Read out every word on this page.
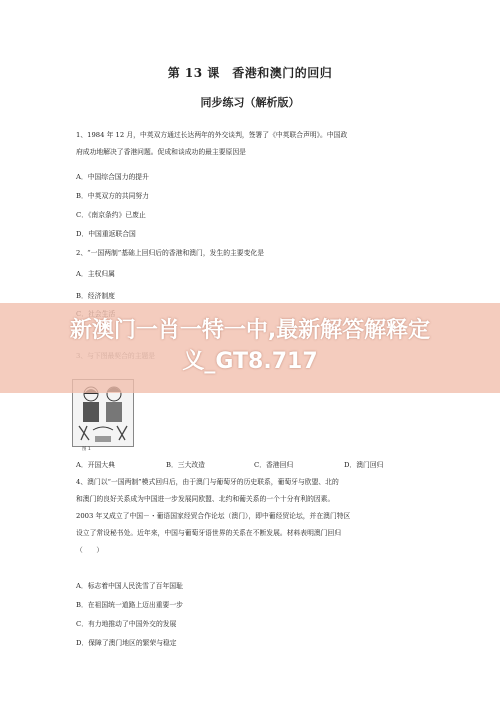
第 13 课　香港和澳门的回归
同步练习（解析版）
1、1984 年 12 月，中英双方通过长达两年的外交谈判，签署了《中英联合声明》。中国政
府成功地解决了香港问题。促成和谈成功的最主要原因是
A．中国综合国力的提升
B．中英双方的共同努力
C．《南京条约》已废止
D．中国重返联合国
2、“一国两制”基础上回归后的香港和澳门，发生的主要变化是
A．主权归属
B．经济制度
图 1
A．开国大典	B．三大改造	C．香港回归	D．澳门回归
4、澳门以“一国两制”模式回归后，由于澳门与葡萄牙的历史联系，葡萄牙与欧盟、北的
和澳门的良好关系成为中国进一步发展同欧盟、北约和葡关系的一个十分有利的因素。
2003 年又成立了中国－・葡语国家经贸合作论坛（澳门），即中葡经贸论坛，并在澳门特区
设立了常设秘书处。近年来，中国与葡萄牙语世界的关系在不断发展。材料表明澳门回归
（　　）
A．标志着中国人民洗雪了百年国耻
B．在祖国统一道路上迈出重要一步
C．有力地推动了中国外交的发展
D．保障了澳门地区的繁荣与稳定
新澳门一肖一特一中,最新解答解释定
义_GT8.717
